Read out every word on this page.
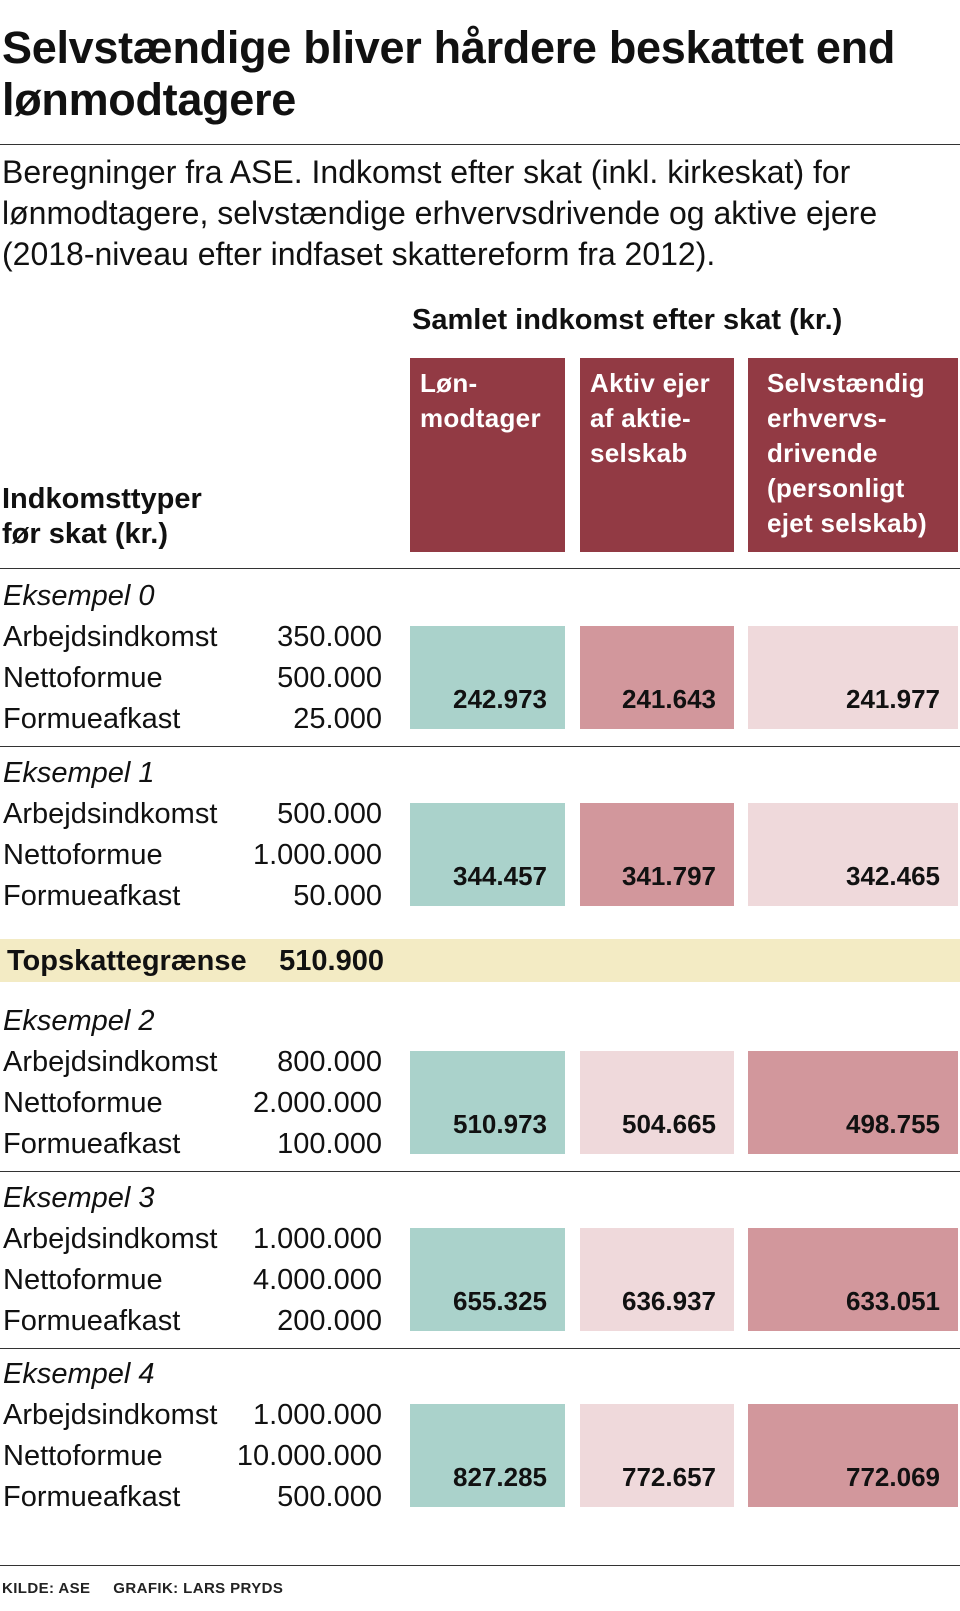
Selvstændige bliver hårdere beskattet end lønmodtagere

Beregninger fra ASE. Indkomst efter skat (inkl. kirkeskat) for lønmodtagere, selvstændige erhvervsdrivende og aktive ejere (2018-niveau efter indfaset skattereform fra 2012).

Samlet indkomst efter skat (kr.)
Løn-
modtager
Aktiv ejer
af aktie-
selskab
Selvstændig
erhvervs-
drivende
(personligt
ejet selskab)
Indkomsttyper
før skat (kr.)
Topskattegrænse 510.900
Eksempel 0
Arbejdsindkomst 350.000
Nettoformue	500.000
Formueafkast	25.000
242.973	241.643	241.977
Eksempel 1
Arbejdsindkomst 500.000
Nettoformue	1.000.000
Formueafkast	50.000
344.457	341.797	342.465
Eksempel 2
Arbejdsindkomst 800.000
Nettoformue	2.000.000
Formueafkast	100.000
510.973	504.665	498.755
Eksempel 3
Arbejdsindkomst 1.000.000
Nettoformue	4.000.000
Formueafkast	200.000
655.325	636.937	633.051
Eksempel 4
Arbejdsindkomst 1.000.000
Nettoformue	10.000.000
Formueafkast	500.000
827.285	772.657	772.069
KILDE: ASE     GRAFIK: LARS PRYDS
